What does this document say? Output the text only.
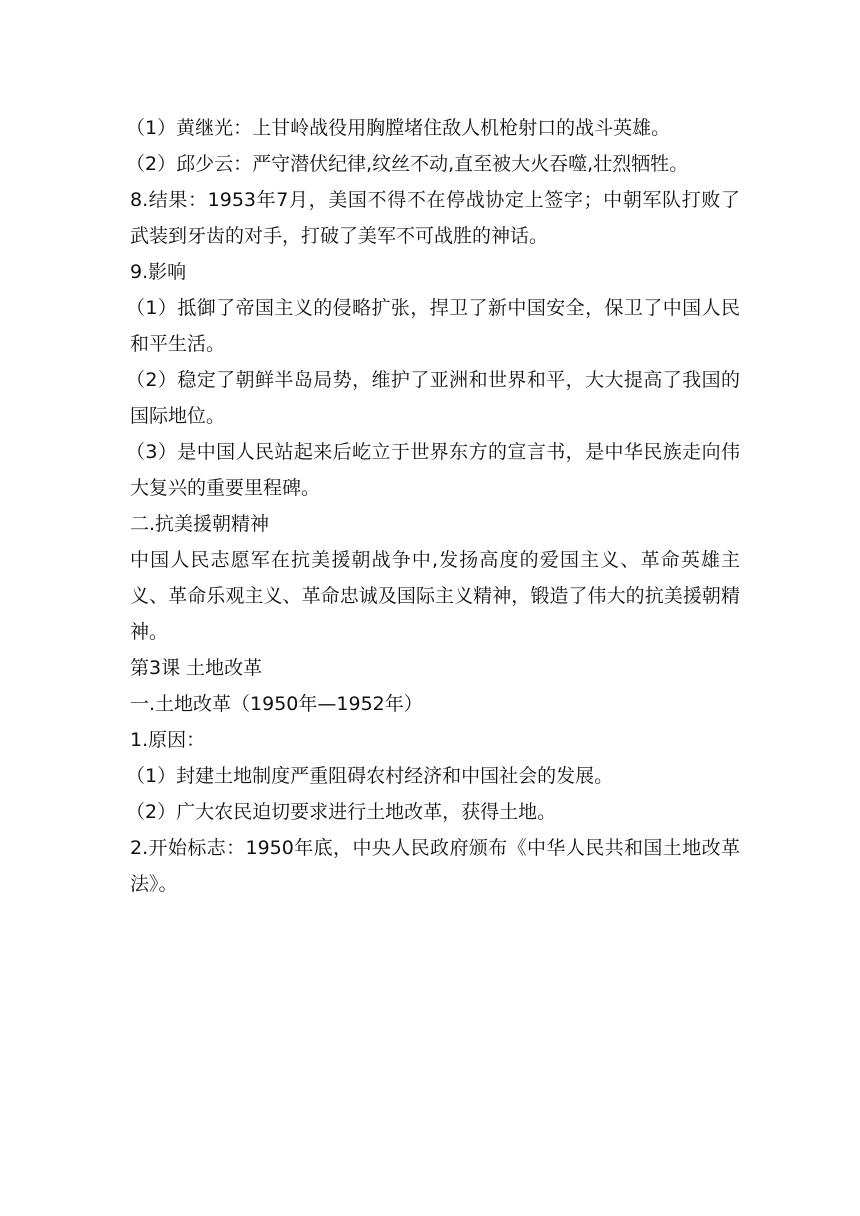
（1）黄继光：上甘岭战役用胸膛堵住敌人机枪射口的战斗英雄。

（2）邱少云：严守潜伏纪律,纹丝不动,直至被大火吞噬,壮烈牺牲。

8.结果：1953年7月，美国不得不在停战协定上签字；中朝军队打败了武装到牙齿的对手，打破了美军不可战胜的神话。

9.影响

（1）抵御了帝国主义的侵略扩张，捍卫了新中国安全，保卫了中国人民和平生活。

（2）稳定了朝鲜半岛局势，维护了亚洲和世界和平，大大提高了我国的国际地位。

（3）是中国人民站起来后屹立于世界东方的宣言书，是中华民族走向伟大复兴的重要里程碑。

二.抗美援朝精神

中国人民志愿军在抗美援朝战争中,发扬高度的爱国主义、革命英雄主义、革命乐观主义、革命忠诚及国际主义精神，锻造了伟大的抗美援朝精神。

第3课 土地改革

一.土地改革（1950年—1952年）

1.原因：

（1）封建土地制度严重阻碍农村经济和中国社会的发展。

（2）广大农民迫切要求进行土地改革，获得土地。

2.开始标志：1950年底，中央人民政府颁布《中华人民共和国土地改革法》。
